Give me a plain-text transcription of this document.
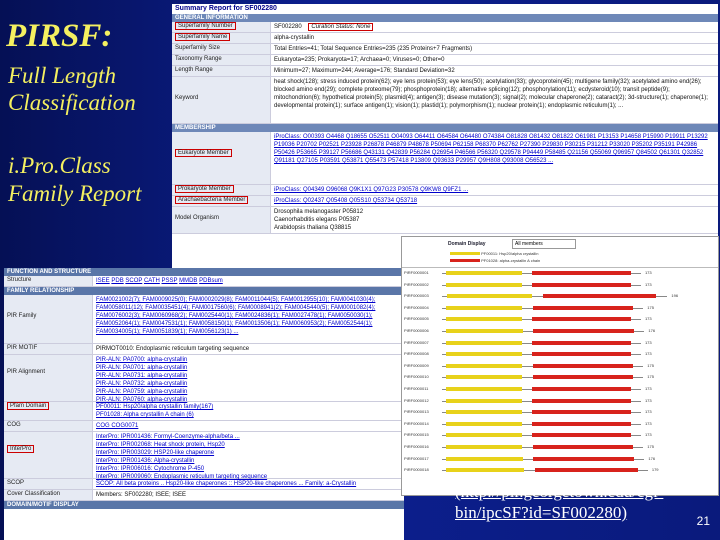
PIRSF:
Full Length Classification
i.Pro.Class Family Report
Summary Report for SF002280
GENERAL INFORMATION
Superfamily Number	SF002280 Curation Status: None
Superfamily Name	alpha-crystallin
Superfamily Size	Total Entries=41; Total Sequence Entries=235 (235 Proteins+7 Fragments)
Taxonomy Range	Eukaryota=235; Prokaryota=17; Archaea=0; Viruses=0; Other=0
Length Range	Minimum=27; Maximum=244; Average=176; Standard Deviation=32
Keyword
heat shock(128); stress induced protein(62); eye lens protein(53); eye lens(50); acetylation(33); glycoprotein(45); multigene family(32); acetylated amino end(26); blocked amino end(29); complete proteome(79); phosphoprotein(18); alternative splicing(12); phosphorylation(11); ecdysteroid(10); transit peptide(9); mitochondrion(6); hypothetical protein(5); plasmid(4); antigen(3); disease mutation(3); signal(2); molecular chaperone(2); cataract(2); 3d-structure(1); chaperone(1); developmental protein(1); surface antigen(1); vision(1); plastid(1); polymorphism(1); nuclear protein(1); endoplasmic reticulum(1); ...
MEMBERSHIP
Eukaryote Member
iProClass: O00393 O4468 Q18655 O52511 O04093 O64411 O64584 O64480 O74384 O81828 O81432 O81822 O61981 P13153 P14658 P15990 P19911 P13292 P19036 P20702 P02521 P23928 P26878 P46879 P48678 P50694 P62158 P68370 P62762 P27390 P29830 P30215 P31212 P33020 P35202 P35191 P42986 P50426 P53665 P39127 P56686 Q43131 Q42839 P56284 Q26954 P46566 P56320 Q29578 P94449 P58485 Q21156 Q55069 Q96957 Q84502 Q61301 Q32852 Q91181 Q27105 P03591 Q53871 Q55473 P57418 P13809 Q93633 P29957 Q9H808 Q93008 O56523 ...
Prokaryote Member	iProClass: Q04349 O96068 Q9K1X1 Q97G23 P30578 Q9KW8 Q9FZ1 ...
Arachaebacteria Member	iProClass: Q02437 Q05408 Q05S10 Q53734 Q53718
Model Organism
Drosophila melanogaster P05812
Caenorhabditis elegans P05387
Arabidopsis thaliana Q38815
FUNCTION AND STRUCTURE
Structure	ISEE PDB SCOP CATH PSSP MMDB PDBsum
FAMILY RELATIONSHIP
PIR Family
FAM0021002(7); FAM0009025(0); FAM0002029(8); FAM0011044(5); FAM0012955(10); FAM0041030(4); FAM0058011(12); FAM0035451(4); FAM0017560(6); FAM0008941(2); FAM0045440(5); FAM0001082(4); FAM0076002(3); FAM0060968(2); FAM0025440(1); FAM0024836(1); FAM0027478(1); FAM0050030(1); FAM0052064(1); FAM0047531(1); FAM0058150(1); FAM0013506(1); FAM0060953(2); FAM0052544(1); FAM0034005(1); FAM0051839(1); FAM0056123(1) ...
PIR MOTIF	PIRMOT0010: Endoplasmic reticulum targeting sequence
PIR Alignment
PIR-ALN: PA0700: alpha-crystallin
PIR-ALN: PA0701: alpha-crystallin
PIR-ALN: PA0731: alpha-crystallin
PIR-ALN: PA0732: alpha-crystallin
PIR-ALN: PA0759: alpha-crystallin
PIR-ALN: PA0760: alpha-crystallin
Pfam Domain	PF00011: Hsp20/alpha crystallin family(167)
PF01028: Alpha crystallin A chain (6)
COG	COG COG0071
InterPro
InterPro: IPR001436: Formyl-Coenzyme-alpha/beta ...
InterPro: IPR002068: Heat shock protein, Hsp20
InterPro: IPR003029: HSP20-like chaperone
InterPro: IPR001436: Alpha-crystallin
InterPro: IPR006016: Cytochrome P-450
InterPro: IPR009060: Endoplasmic reticulum targeting sequence
SCOP	SCOP: All beta proteins .. Hsp20-like chaperones :: HSP20-like chaperones ... Family: a-Crystallin
Cover Classification	Members: SF002280; ISEE; ISEE
DOMAIN/MOTIF DISPLAY
Domain Display	All members
PF00011: Hsp20/alpha crystallin
PF01028: alpha-crystallin A chain
PIRF0000001	173
PIRF0000002	173
PIRF0000003	196
PIRF0000004	175
PIRF0000005	173
PIRF0000006	176
PIRF0000007	173
PIRF0000008	173
PIRF0000009	175
PIRF0000010	175
PIRF0000011	173
PIRF0000012	173
PIRF0000013	173
PIRF0000014	173
PIRF0000015	173
PIRF0000016	175
PIRF0000017	176
PIRF0000018	179
(http://pir.georgetown.edu/cgi-bin/ipcSF?id=SF002280)	21
